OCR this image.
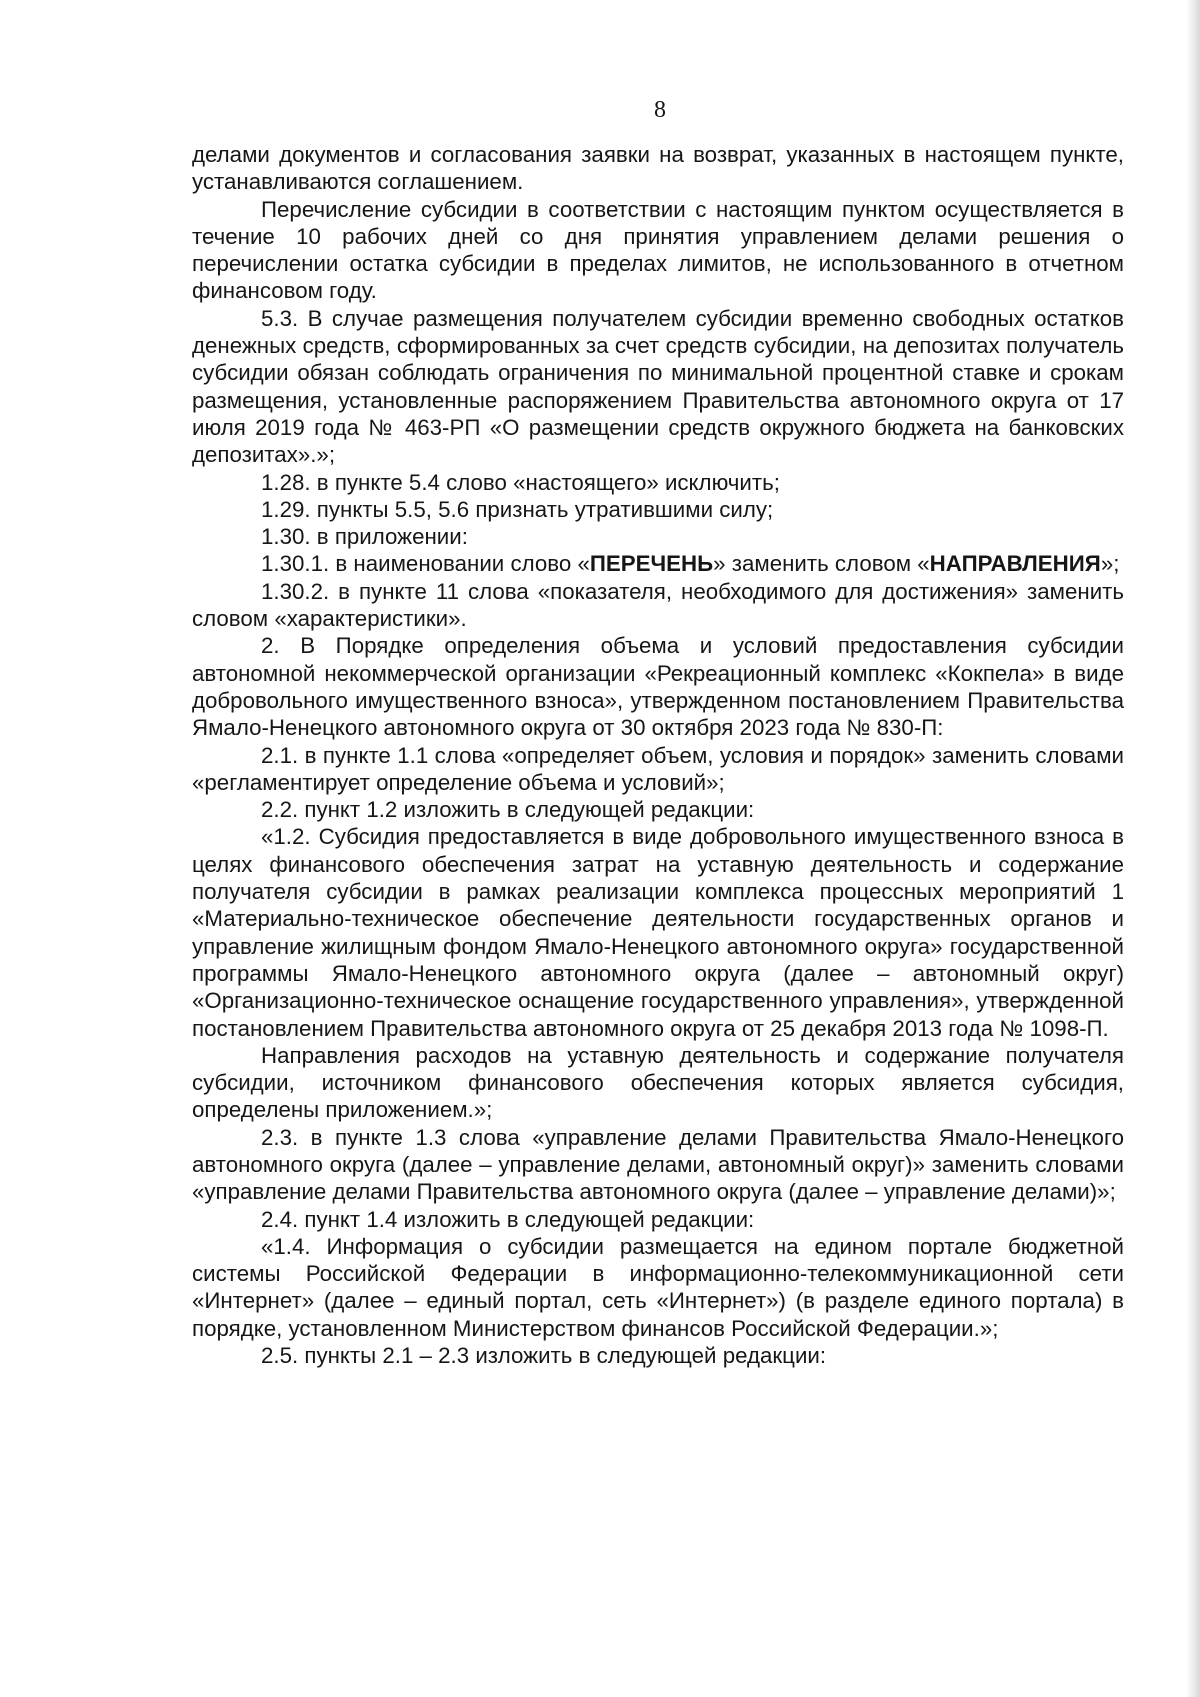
8

делами документов и согласования заявки на возврат, указанных в настоящем пункте, устанавливаются соглашением.

Перечисление субсидии в соответствии с настоящим пунктом осуществляется в течение 10 рабочих дней со дня принятия управлением делами решения о перечислении остатка субсидии в пределах лимитов, не использованного в отчетном финансовом году.

5.3. В случае размещения получателем субсидии временно свободных остатков денежных средств, сформированных за счет средств субсидии, на депозитах получатель субсидии обязан соблюдать ограничения по минимальной процентной ставке и срокам размещения, установленные распоряжением Правительства автономного округа от 17 июля 2019 года № 463-РП «О размещении средств окружного бюджета на банковских депозитах».»;

1.28. в пункте 5.4 слово «настоящего» исключить;

1.29. пункты 5.5, 5.6 признать утратившими силу;

1.30. в приложении:

1.30.1. в наименовании слово «ПЕРЕЧЕНЬ» заменить словом «НАПРАВЛЕНИЯ»;

1.30.2. в пункте 11 слова «показателя, необходимого для достижения» заменить словом «характеристики».

2. В Порядке определения объема и условий предоставления субсидии автономной некоммерческой организации «Рекреационный комплекс «Кокпела» в виде добровольного имущественного взноса», утвержденном постановлением Правительства Ямало-Ненецкого автономного округа от 30 октября 2023 года № 830-П:

2.1. в пункте 1.1 слова «определяет объем, условия и порядок» заменить словами «регламентирует определение объема и условий»;

2.2. пункт 1.2 изложить в следующей редакции:

«1.2. Субсидия предоставляется в виде добровольного имущественного взноса в целях финансового обеспечения затрат на уставную деятельность и содержание получателя субсидии в рамках реализации комплекса процессных мероприятий 1 «Материально-техническое обеспечение деятельности государственных органов и управление жилищным фондом Ямало-Ненецкого автономного округа» государственной программы Ямало-Ненецкого автономного округа (далее – автономный округ) «Организационно-техническое оснащение государственного управления», утвержденной постановлением Правительства автономного округа от 25 декабря 2013 года № 1098-П.

Направления расходов на уставную деятельность и содержание получателя субсидии, источником финансового обеспечения которых является субсидия, определены приложением.»;

2.3. в пункте 1.3 слова «управление делами Правительства Ямало-Ненецкого автономного округа (далее – управление делами, автономный округ)» заменить словами «управление делами Правительства автономного округа (далее – управление делами)»;

2.4. пункт 1.4 изложить в следующей редакции:

«1.4. Информация о субсидии размещается на едином портале бюджетной системы Российской Федерации в информационно-телекоммуникационной сети «Интернет» (далее – единый портал, сеть «Интернет») (в разделе единого портала) в порядке, установленном Министерством финансов Российской Федерации.»;

2.5. пункты 2.1 – 2.3 изложить в следующей редакции:
